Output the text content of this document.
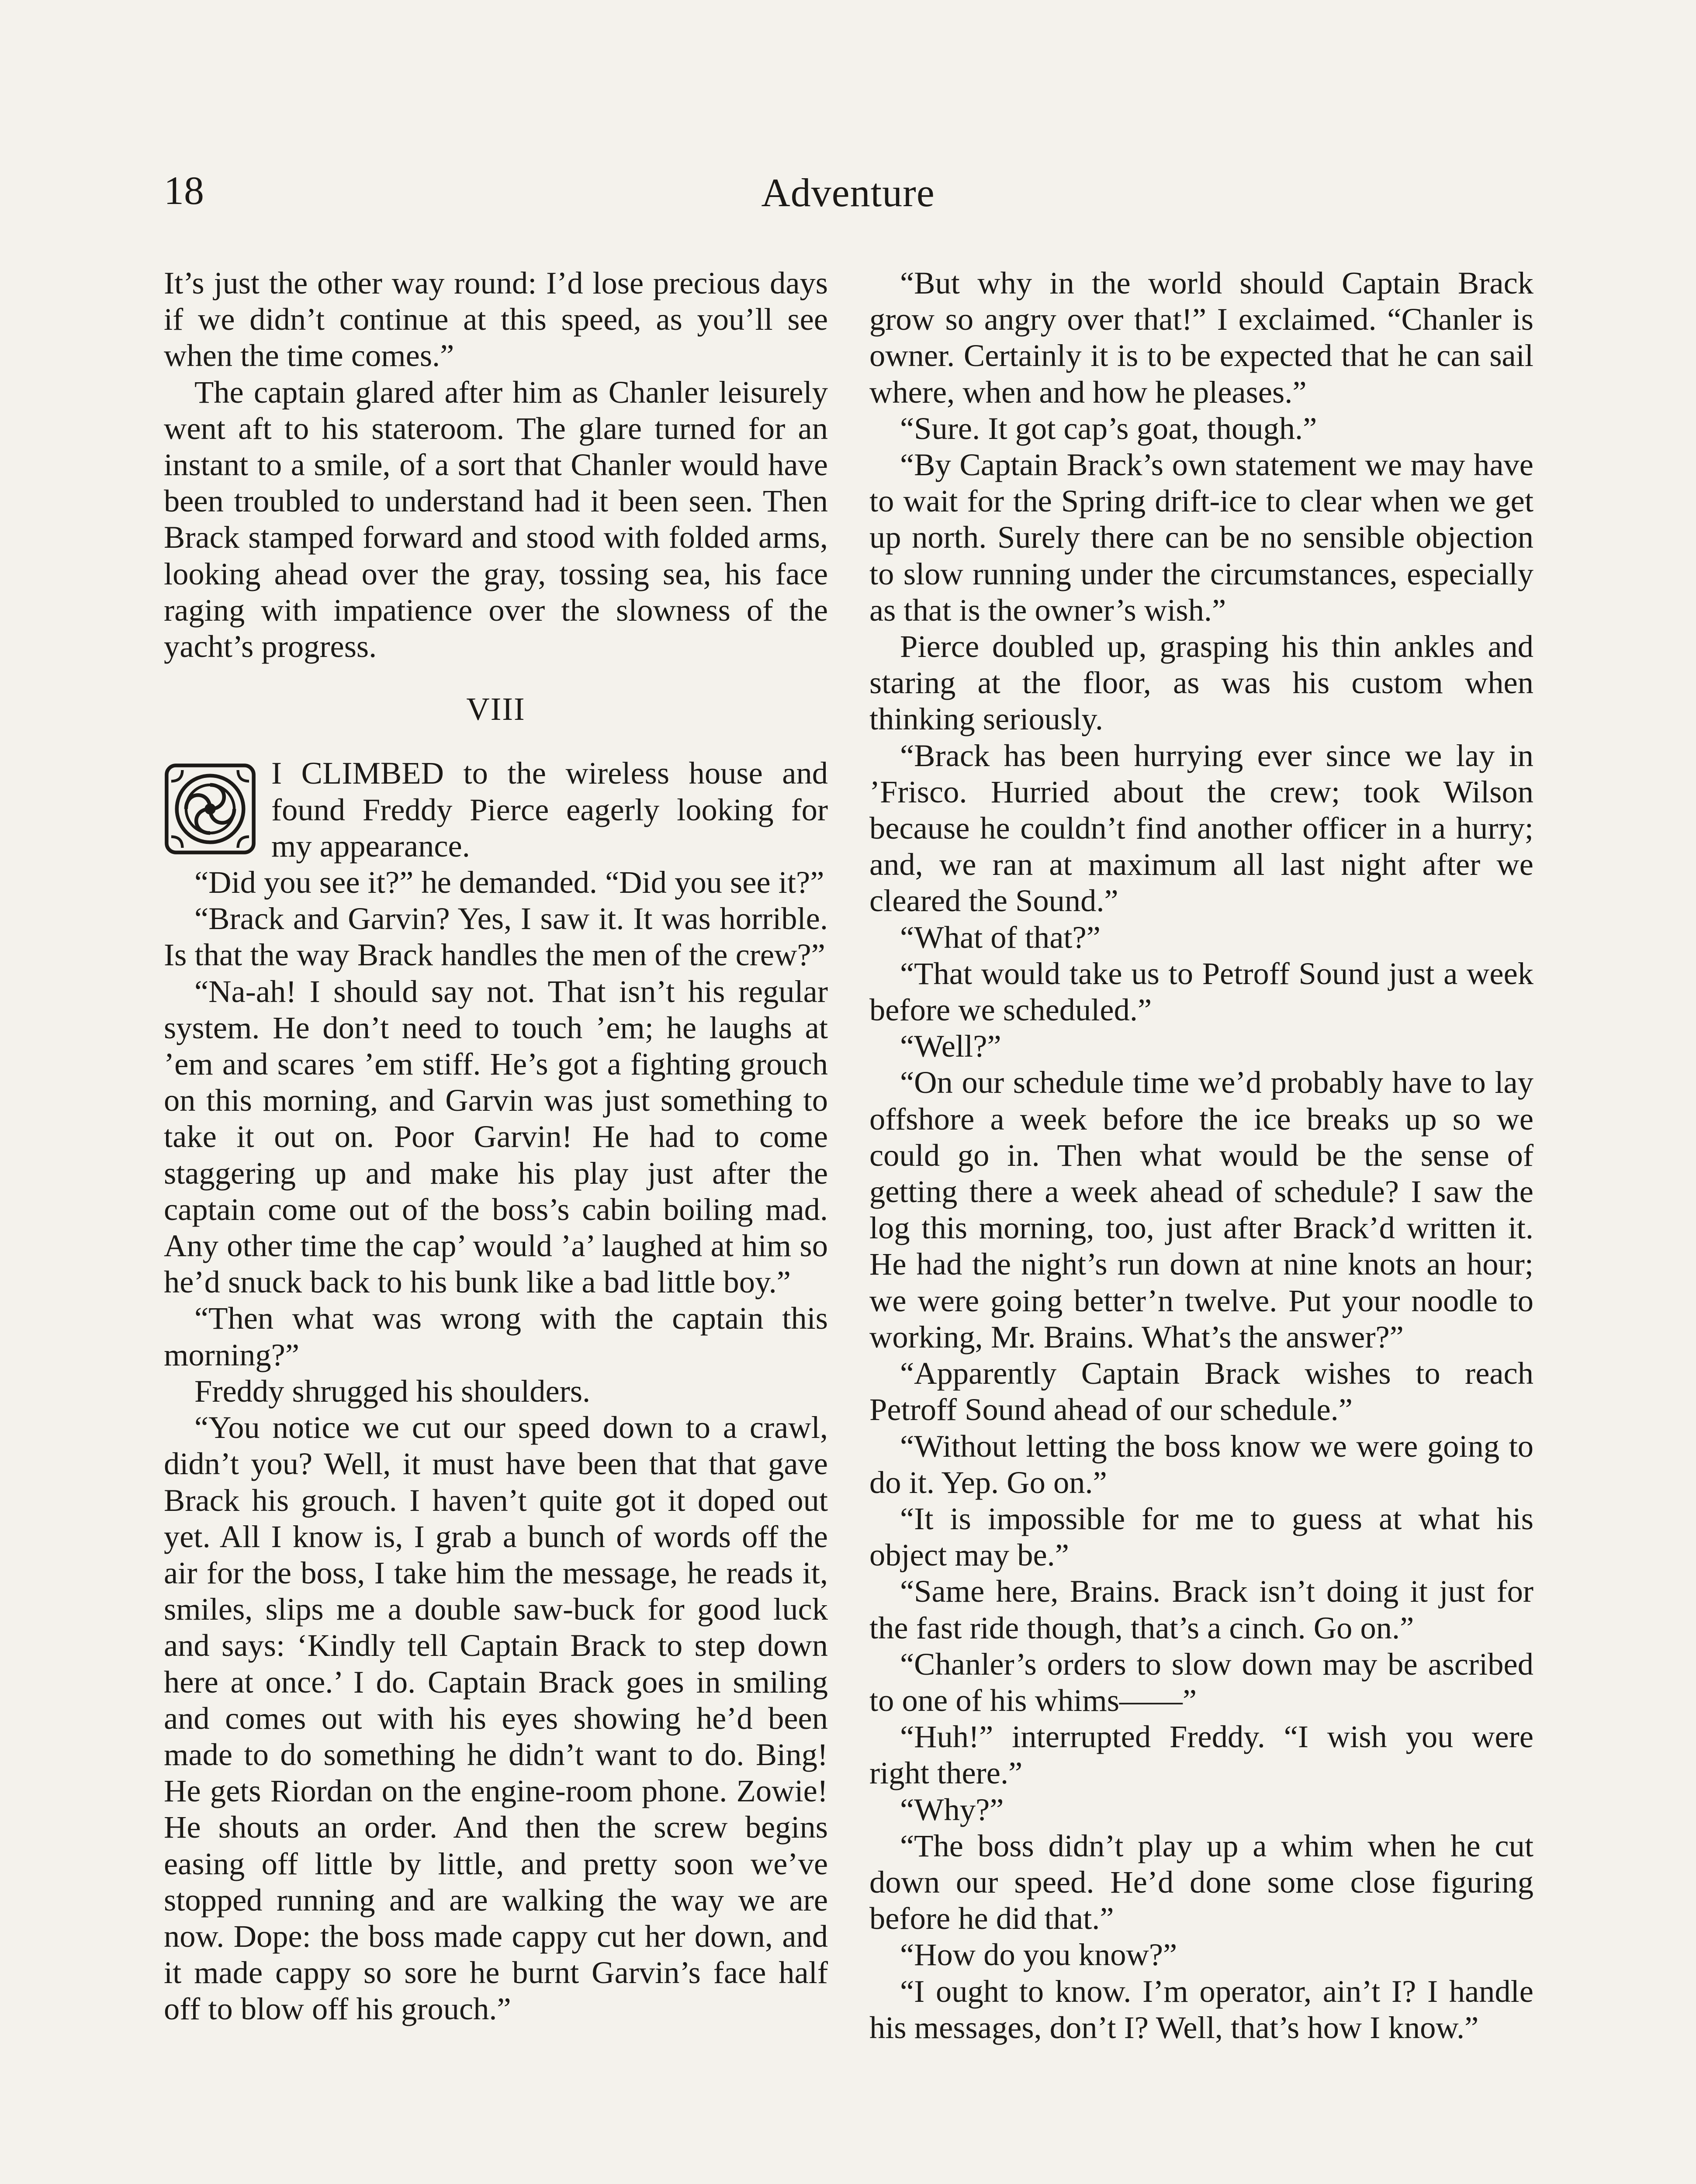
18	Adventure

It’s just the other way round: I’d lose precious days if we didn’t continue at this speed, as you’ll see when the time comes.”

The captain glared after him as Chanler leisurely went aft to his stateroom. The glare turned for an instant to a smile, of a sort that Chanler would have been troubled to understand had it been seen. Then Brack stamped forward and stood with folded arms, looking ahead over the gray, tossing sea, his face raging with impatience over the slowness of the yacht’s progress.

VIII

I CLIMBED to the wireless house and found Freddy Pierce eagerly looking for my appearance.

“Did you see it?” he demanded. “Did you see it?”

“Brack and Garvin? Yes, I saw it. It was horrible. Is that the way Brack handles the men of the crew?”

“Na-ah! I should say not. That isn’t his regular system. He don’t need to touch ’em; he laughs at ’em and scares ’em stiff. He’s got a fighting grouch on this morning, and Garvin was just something to take it out on. Poor Garvin! He had to come staggering up and make his play just after the captain come out of the boss’s cabin boiling mad. Any other time the cap’ would ’a’ laughed at him so he’d snuck back to his bunk like a bad little boy.”

“Then what was wrong with the captain this morning?”

Freddy shrugged his shoulders.

“You notice we cut our speed down to a crawl, didn’t you? Well, it must have been that that gave Brack his grouch. I haven’t quite got it doped out yet. All I know is, I grab a bunch of words off the air for the boss, I take him the message, he reads it, smiles, slips me a double saw-buck for good luck and says: ‘Kindly tell Captain Brack to step down here at once.’ I do. Captain Brack goes in smiling and comes out with his eyes showing he’d been made to do something he didn’t want to do. Bing! He gets Riordan on the engine-room phone. Zowie! He shouts an order. And then the screw begins easing off little by little, and pretty soon we’ve stopped running and are walking the way we are now. Dope: the boss made cappy cut her down, and it made cappy so sore he burnt Garvin’s face half off to blow off his grouch.”

“But why in the world should Captain Brack grow so angry over that!” I exclaimed. “Chanler is owner. Certainly it is to be expected that he can sail where, when and how he pleases.”

“Sure. It got cap’s goat, though.”

“By Captain Brack’s own statement we may have to wait for the Spring drift-ice to clear when we get up north. Surely there can be no sensible objection to slow running under the circumstances, especially as that is the owner’s wish.”

Pierce doubled up, grasping his thin ankles and staring at the floor, as was his custom when thinking seriously.

“Brack has been hurrying ever since we lay in ’Frisco. Hurried about the crew; took Wilson because he couldn’t find another officer in a hurry; and, we ran at maximum all last night after we cleared the Sound.”

“What of that?”

“That would take us to Petroff Sound just a week before we scheduled.”

“Well?”

“On our schedule time we’d probably have to lay offshore a week before the ice breaks up so we could go in. Then what would be the sense of getting there a week ahead of schedule? I saw the log this morning, too, just after Brack’d written it. He had the night’s run down at nine knots an hour; we were going better’n twelve. Put your noodle to working, Mr. Brains. What’s the answer?”

“Apparently Captain Brack wishes to reach Petroff Sound ahead of our schedule.”

“Without letting the boss know we were going to do it. Yep. Go on.”

“It is impossible for me to guess at what his object may be.”

“Same here, Brains. Brack isn’t doing it just for the fast ride though, that’s a cinch. Go on.”

“Chanler’s orders to slow down may be ascribed to one of his whims——”

“Huh!” interrupted Freddy. “I wish you were right there.”

“Why?”

“The boss didn’t play up a whim when he cut down our speed. He’d done some close figuring before he did that.”

“How do you know?”

“I ought to know. I’m operator, ain’t I? I handle his messages, don’t I? Well, that’s how I know.”
